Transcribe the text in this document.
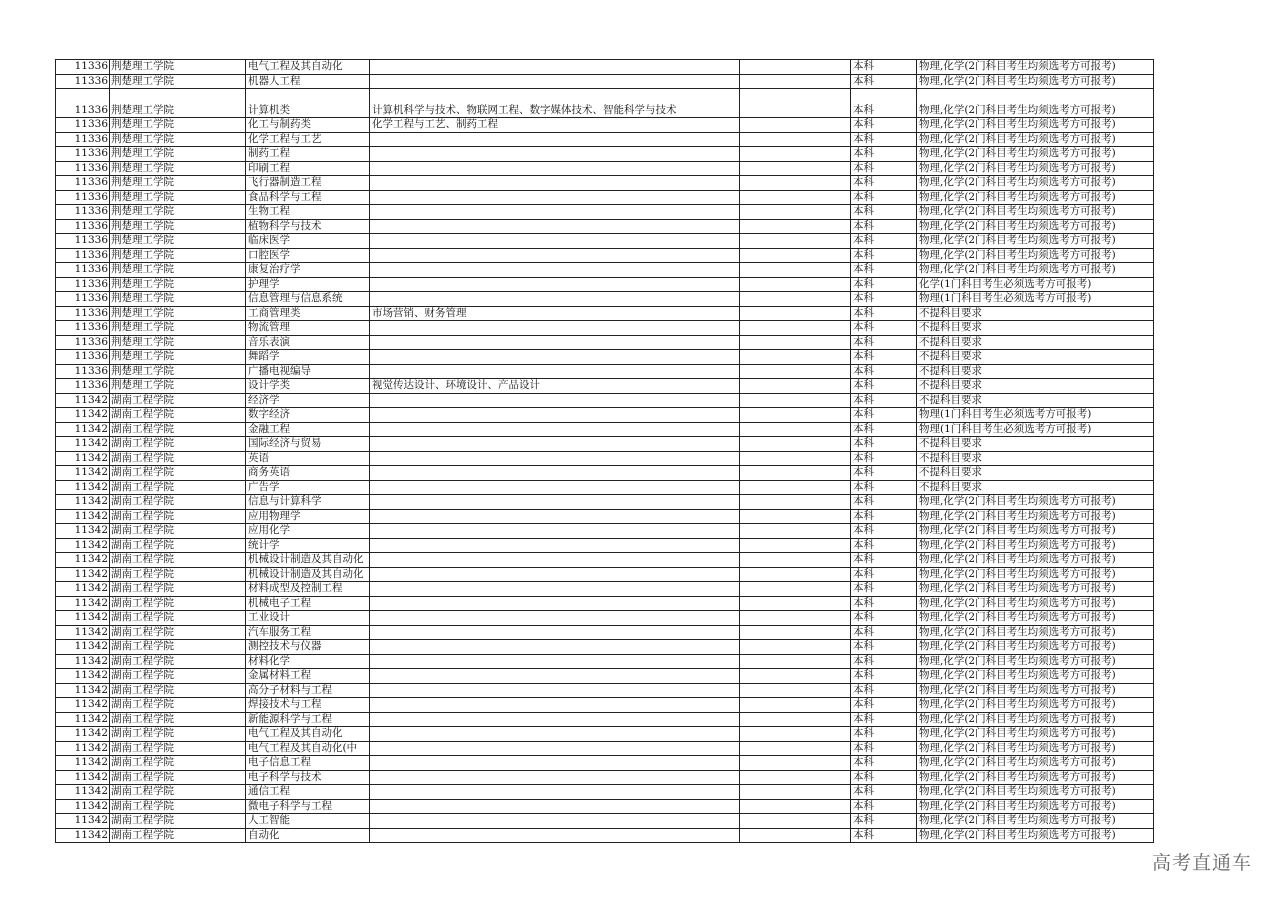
11336	荆楚理工学院	电气工程及其自动化			本科	物理,化学(2门科目考生均须选考方可报考)
11336	荆楚理工学院	机器人工程			本科	物理,化学(2门科目考生均须选考方可报考)
11336	荆楚理工学院	计算机类	计算机科学与技术、物联网工程、数字媒体技术、智能科学与技术		本科	物理,化学(2门科目考生均须选考方可报考)
11336	荆楚理工学院	化工与制药类	化学工程与工艺、制药工程		本科	物理,化学(2门科目考生均须选考方可报考)
11336	荆楚理工学院	化学工程与工艺			本科	物理,化学(2门科目考生均须选考方可报考)
11336	荆楚理工学院	制药工程			本科	物理,化学(2门科目考生均须选考方可报考)
11336	荆楚理工学院	印刷工程			本科	物理,化学(2门科目考生均须选考方可报考)
11336	荆楚理工学院	飞行器制造工程			本科	物理,化学(2门科目考生均须选考方可报考)
11336	荆楚理工学院	食品科学与工程			本科	物理,化学(2门科目考生均须选考方可报考)
11336	荆楚理工学院	生物工程			本科	物理,化学(2门科目考生均须选考方可报考)
11336	荆楚理工学院	植物科学与技术			本科	物理,化学(2门科目考生均须选考方可报考)
11336	荆楚理工学院	临床医学			本科	物理,化学(2门科目考生均须选考方可报考)
11336	荆楚理工学院	口腔医学			本科	物理,化学(2门科目考生均须选考方可报考)
11336	荆楚理工学院	康复治疗学			本科	物理,化学(2门科目考生均须选考方可报考)
11336	荆楚理工学院	护理学			本科	化学(1门科目考生必须选考方可报考)
11336	荆楚理工学院	信息管理与信息系统			本科	物理(1门科目考生必须选考方可报考)
11336	荆楚理工学院	工商管理类	市场营销、财务管理		本科	不提科目要求
11336	荆楚理工学院	物流管理			本科	不提科目要求
11336	荆楚理工学院	音乐表演			本科	不提科目要求
11336	荆楚理工学院	舞蹈学			本科	不提科目要求
11336	荆楚理工学院	广播电视编导			本科	不提科目要求
11336	荆楚理工学院	设计学类	视觉传达设计、环境设计、产品设计		本科	不提科目要求
11342	湖南工程学院	经济学			本科	不提科目要求
11342	湖南工程学院	数字经济			本科	物理(1门科目考生必须选考方可报考)
11342	湖南工程学院	金融工程			本科	物理(1门科目考生必须选考方可报考)
11342	湖南工程学院	国际经济与贸易			本科	不提科目要求
11342	湖南工程学院	英语			本科	不提科目要求
11342	湖南工程学院	商务英语			本科	不提科目要求
11342	湖南工程学院	广告学			本科	不提科目要求
11342	湖南工程学院	信息与计算科学			本科	物理,化学(2门科目考生均须选考方可报考)
11342	湖南工程学院	应用物理学			本科	物理,化学(2门科目考生均须选考方可报考)
11342	湖南工程学院	应用化学			本科	物理,化学(2门科目考生均须选考方可报考)
11342	湖南工程学院	统计学			本科	物理,化学(2门科目考生均须选考方可报考)
11342	湖南工程学院	机械设计制造及其自动化			本科	物理,化学(2门科目考生均须选考方可报考)
11342	湖南工程学院	机械设计制造及其自动化			本科	物理,化学(2门科目考生均须选考方可报考)
11342	湖南工程学院	材料成型及控制工程			本科	物理,化学(2门科目考生均须选考方可报考)
11342	湖南工程学院	机械电子工程			本科	物理,化学(2门科目考生均须选考方可报考)
11342	湖南工程学院	工业设计			本科	物理,化学(2门科目考生均须选考方可报考)
11342	湖南工程学院	汽车服务工程			本科	物理,化学(2门科目考生均须选考方可报考)
11342	湖南工程学院	测控技术与仪器			本科	物理,化学(2门科目考生均须选考方可报考)
11342	湖南工程学院	材料化学			本科	物理,化学(2门科目考生均须选考方可报考)
11342	湖南工程学院	金属材料工程			本科	物理,化学(2门科目考生均须选考方可报考)
11342	湖南工程学院	高分子材料与工程			本科	物理,化学(2门科目考生均须选考方可报考)
11342	湖南工程学院	焊接技术与工程			本科	物理,化学(2门科目考生均须选考方可报考)
11342	湖南工程学院	新能源科学与工程			本科	物理,化学(2门科目考生均须选考方可报考)
11342	湖南工程学院	电气工程及其自动化			本科	物理,化学(2门科目考生均须选考方可报考)
11342	湖南工程学院	电气工程及其自动化(中			本科	物理,化学(2门科目考生均须选考方可报考)
11342	湖南工程学院	电子信息工程			本科	物理,化学(2门科目考生均须选考方可报考)
11342	湖南工程学院	电子科学与技术			本科	物理,化学(2门科目考生均须选考方可报考)
11342	湖南工程学院	通信工程			本科	物理,化学(2门科目考生均须选考方可报考)
11342	湖南工程学院	微电子科学与工程			本科	物理,化学(2门科目考生均须选考方可报考)
11342	湖南工程学院	人工智能			本科	物理,化学(2门科目考生均须选考方可报考)
11342	湖南工程学院	自动化			本科	物理,化学(2门科目考生均须选考方可报考)
高考直通车
